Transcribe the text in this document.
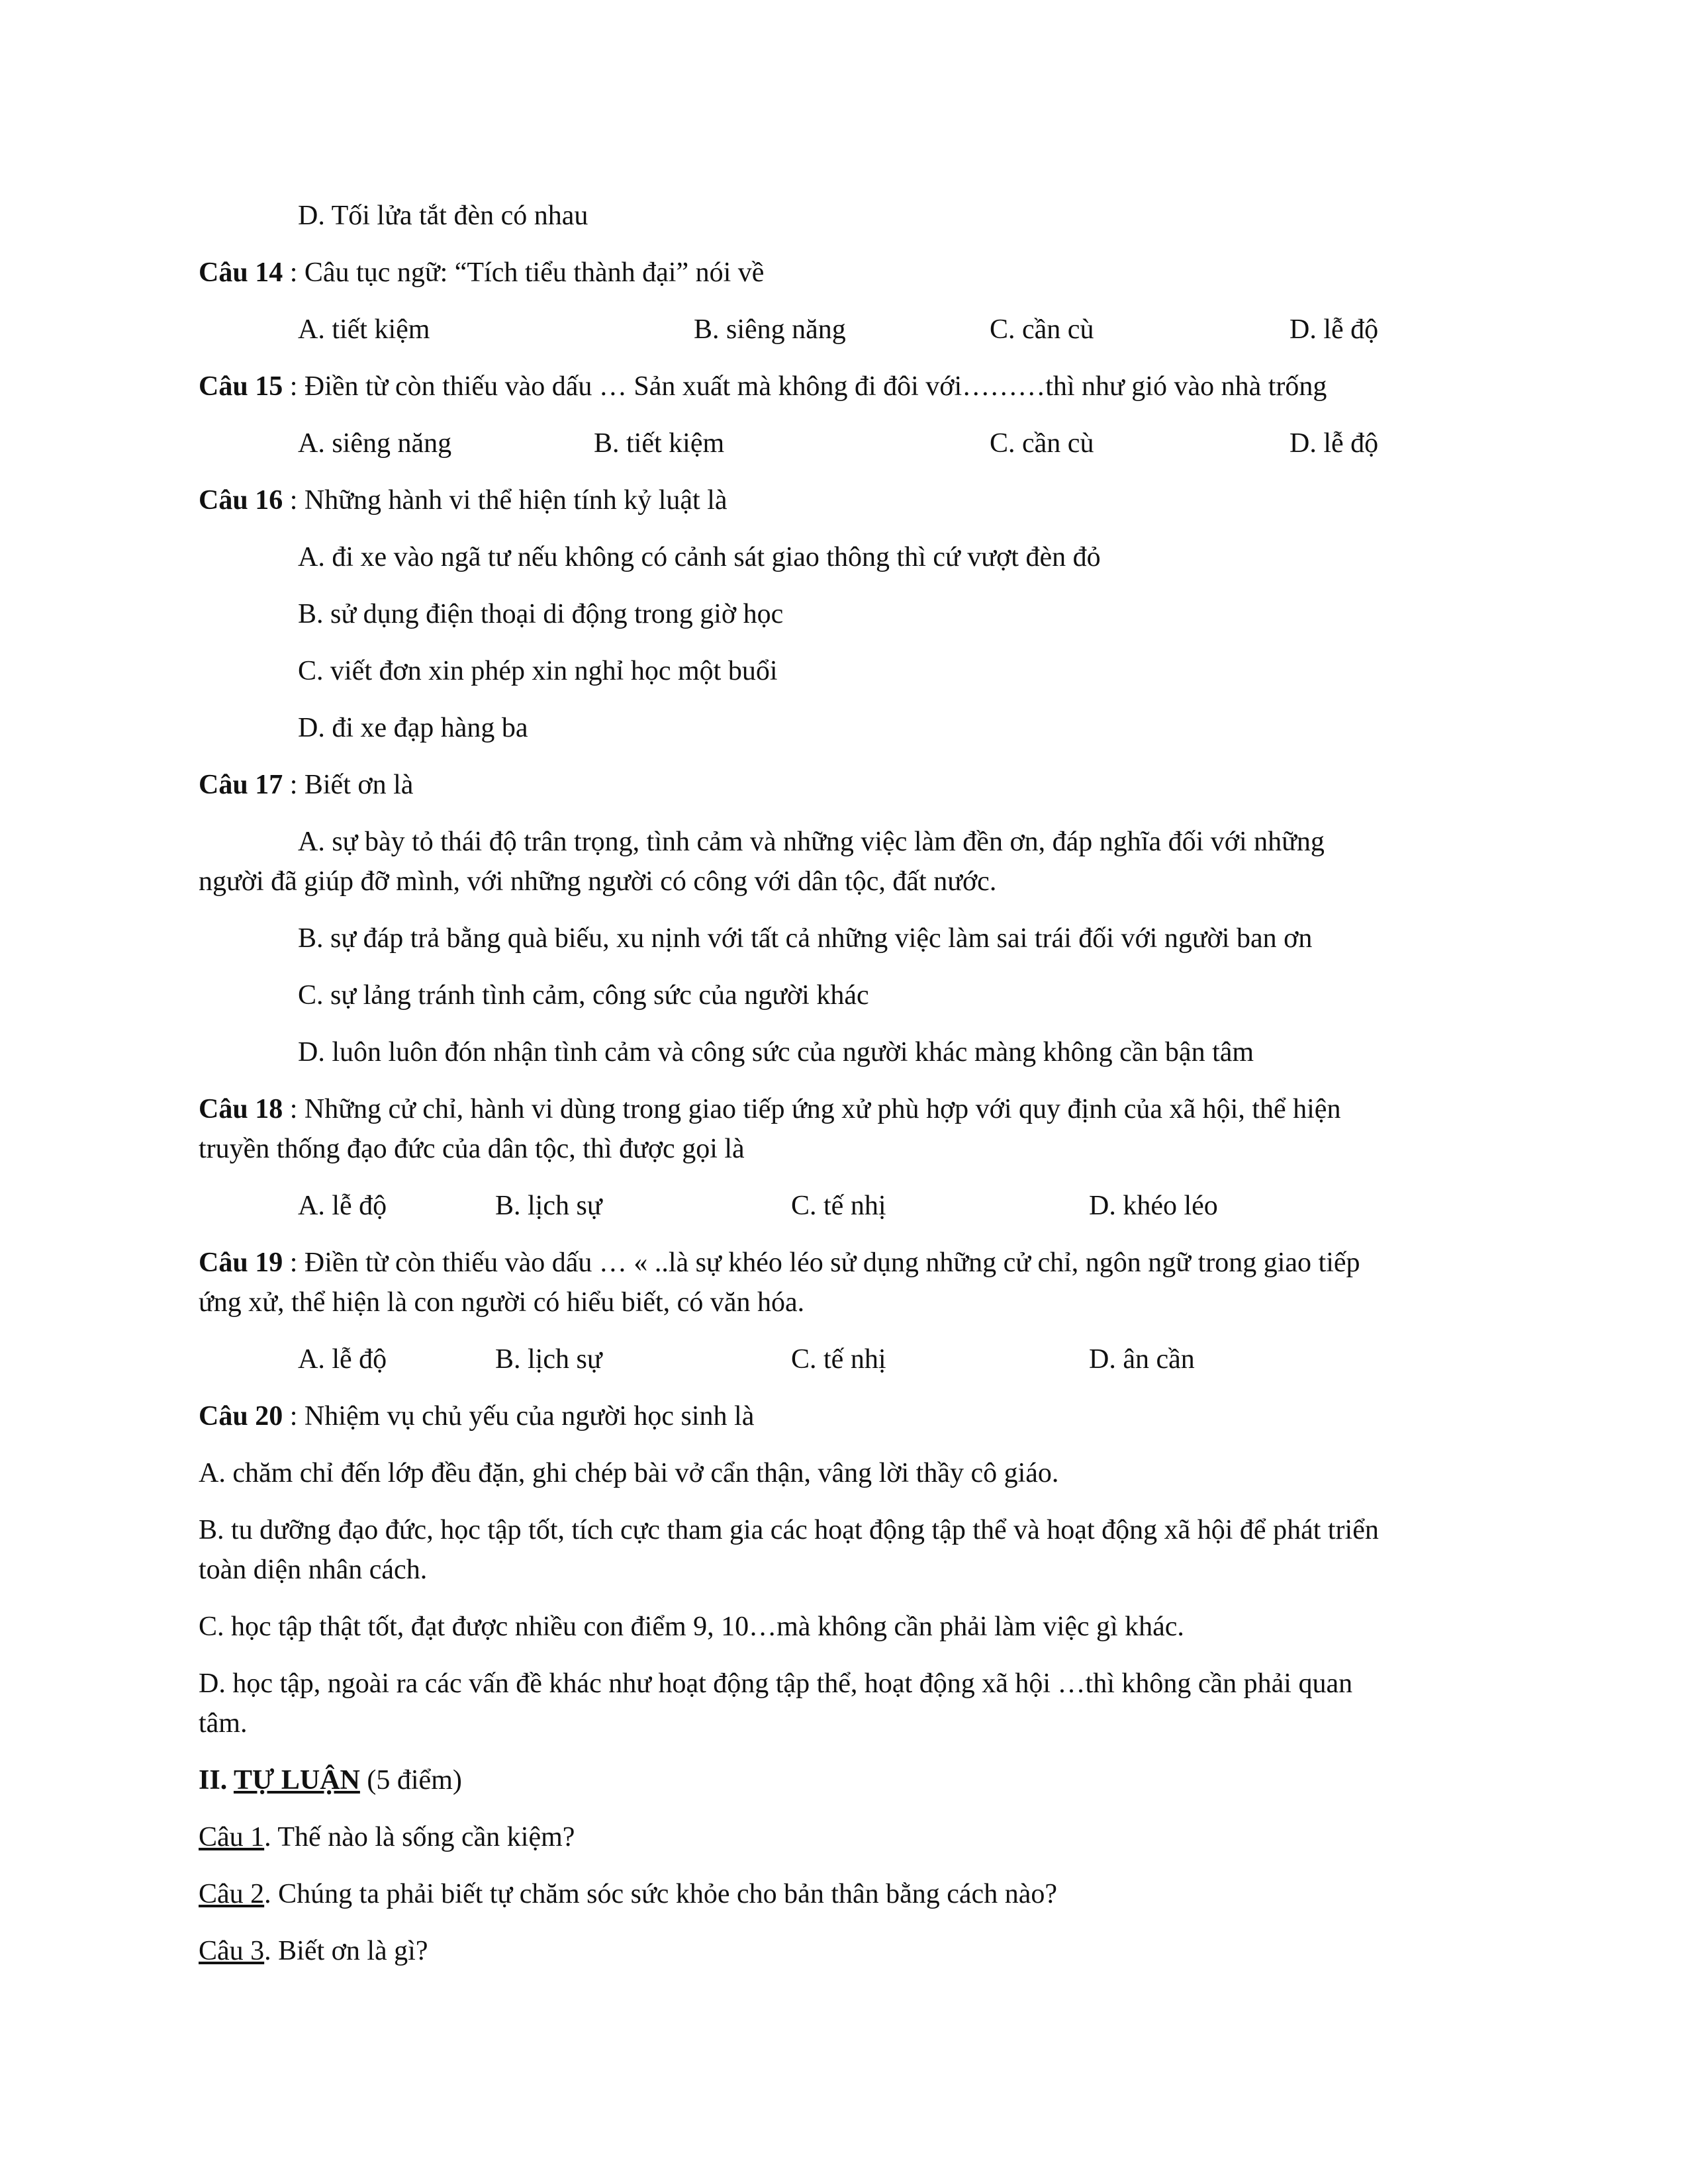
D. Tối lửa tắt đèn có nhau
Câu 14 : Câu tục ngữ: “Tích tiểu thành đại” nói về
A. tiết kiệm	B. siêng năng	C. cần cù	D. lễ độ
Câu 15 : Điền từ còn thiếu vào dấu … Sản xuất mà không đi đôi với………thì như gió vào nhà trống
A. siêng năng	B. tiết kiệm	C. cần cù	D. lễ độ
Câu 16 : Những hành vi thể hiện tính kỷ luật là
A. đi xe vào ngã tư nếu không có cảnh sát giao thông thì cứ vượt đèn đỏ
B. sử dụng điện thoại di động trong giờ học
C. viết đơn xin phép xin nghỉ học một buổi
D. đi xe đạp hàng ba
Câu 17 : Biết ơn là
A. sự bày tỏ thái độ trân trọng, tình cảm và những việc làm đền ơn, đáp nghĩa đối với những
người đã giúp đỡ mình, với những người có công với dân tộc, đất nước.
B. sự đáp trả bằng quà biếu, xu nịnh với tất cả những việc làm sai trái đối với người ban ơn
C. sự lảng tránh tình cảm, công sức của người khác
D. luôn luôn đón nhận tình cảm và công sức của người khác màng không cần bận tâm
Câu 18 : Những cử chỉ, hành vi dùng trong giao tiếp ứng xử phù hợp với quy định của xã hội, thể hiện
truyền thống đạo đức của dân tộc, thì được gọi là
A. lễ độ	B. lịch sự	C. tế nhị	D. khéo léo
Câu 19 : Điền từ còn thiếu vào dấu … « ..là sự khéo léo sử dụng những cử chỉ, ngôn ngữ trong giao tiếp
ứng xử, thể hiện là con người có hiểu biết, có văn hóa.
A. lễ độ	B. lịch sự	C. tế nhị	D. ân cần
Câu 20 : Nhiệm vụ chủ yếu của người học sinh là
A. chăm chỉ đến lớp đều đặn, ghi chép bài vở cẩn thận, vâng lời thầy cô giáo.
B. tu dưỡng đạo đức, học tập tốt, tích cực tham gia các hoạt động tập thể và hoạt động xã hội để phát triển
toàn diện nhân cách.
C. học tập thật tốt, đạt được nhiều con điểm 9, 10…mà không cần phải làm việc gì khác.
D. học tập, ngoài ra các vấn đề khác như hoạt động tập thể, hoạt động xã hội …thì không cần phải quan
tâm.
II. TỰ LUẬN (5 điểm)
Câu 1. Thế nào là sống cần kiệm?
Câu 2. Chúng ta phải biết tự chăm sóc sức khỏe cho bản thân bằng cách nào?
Câu 3. Biết ơn là gì?
